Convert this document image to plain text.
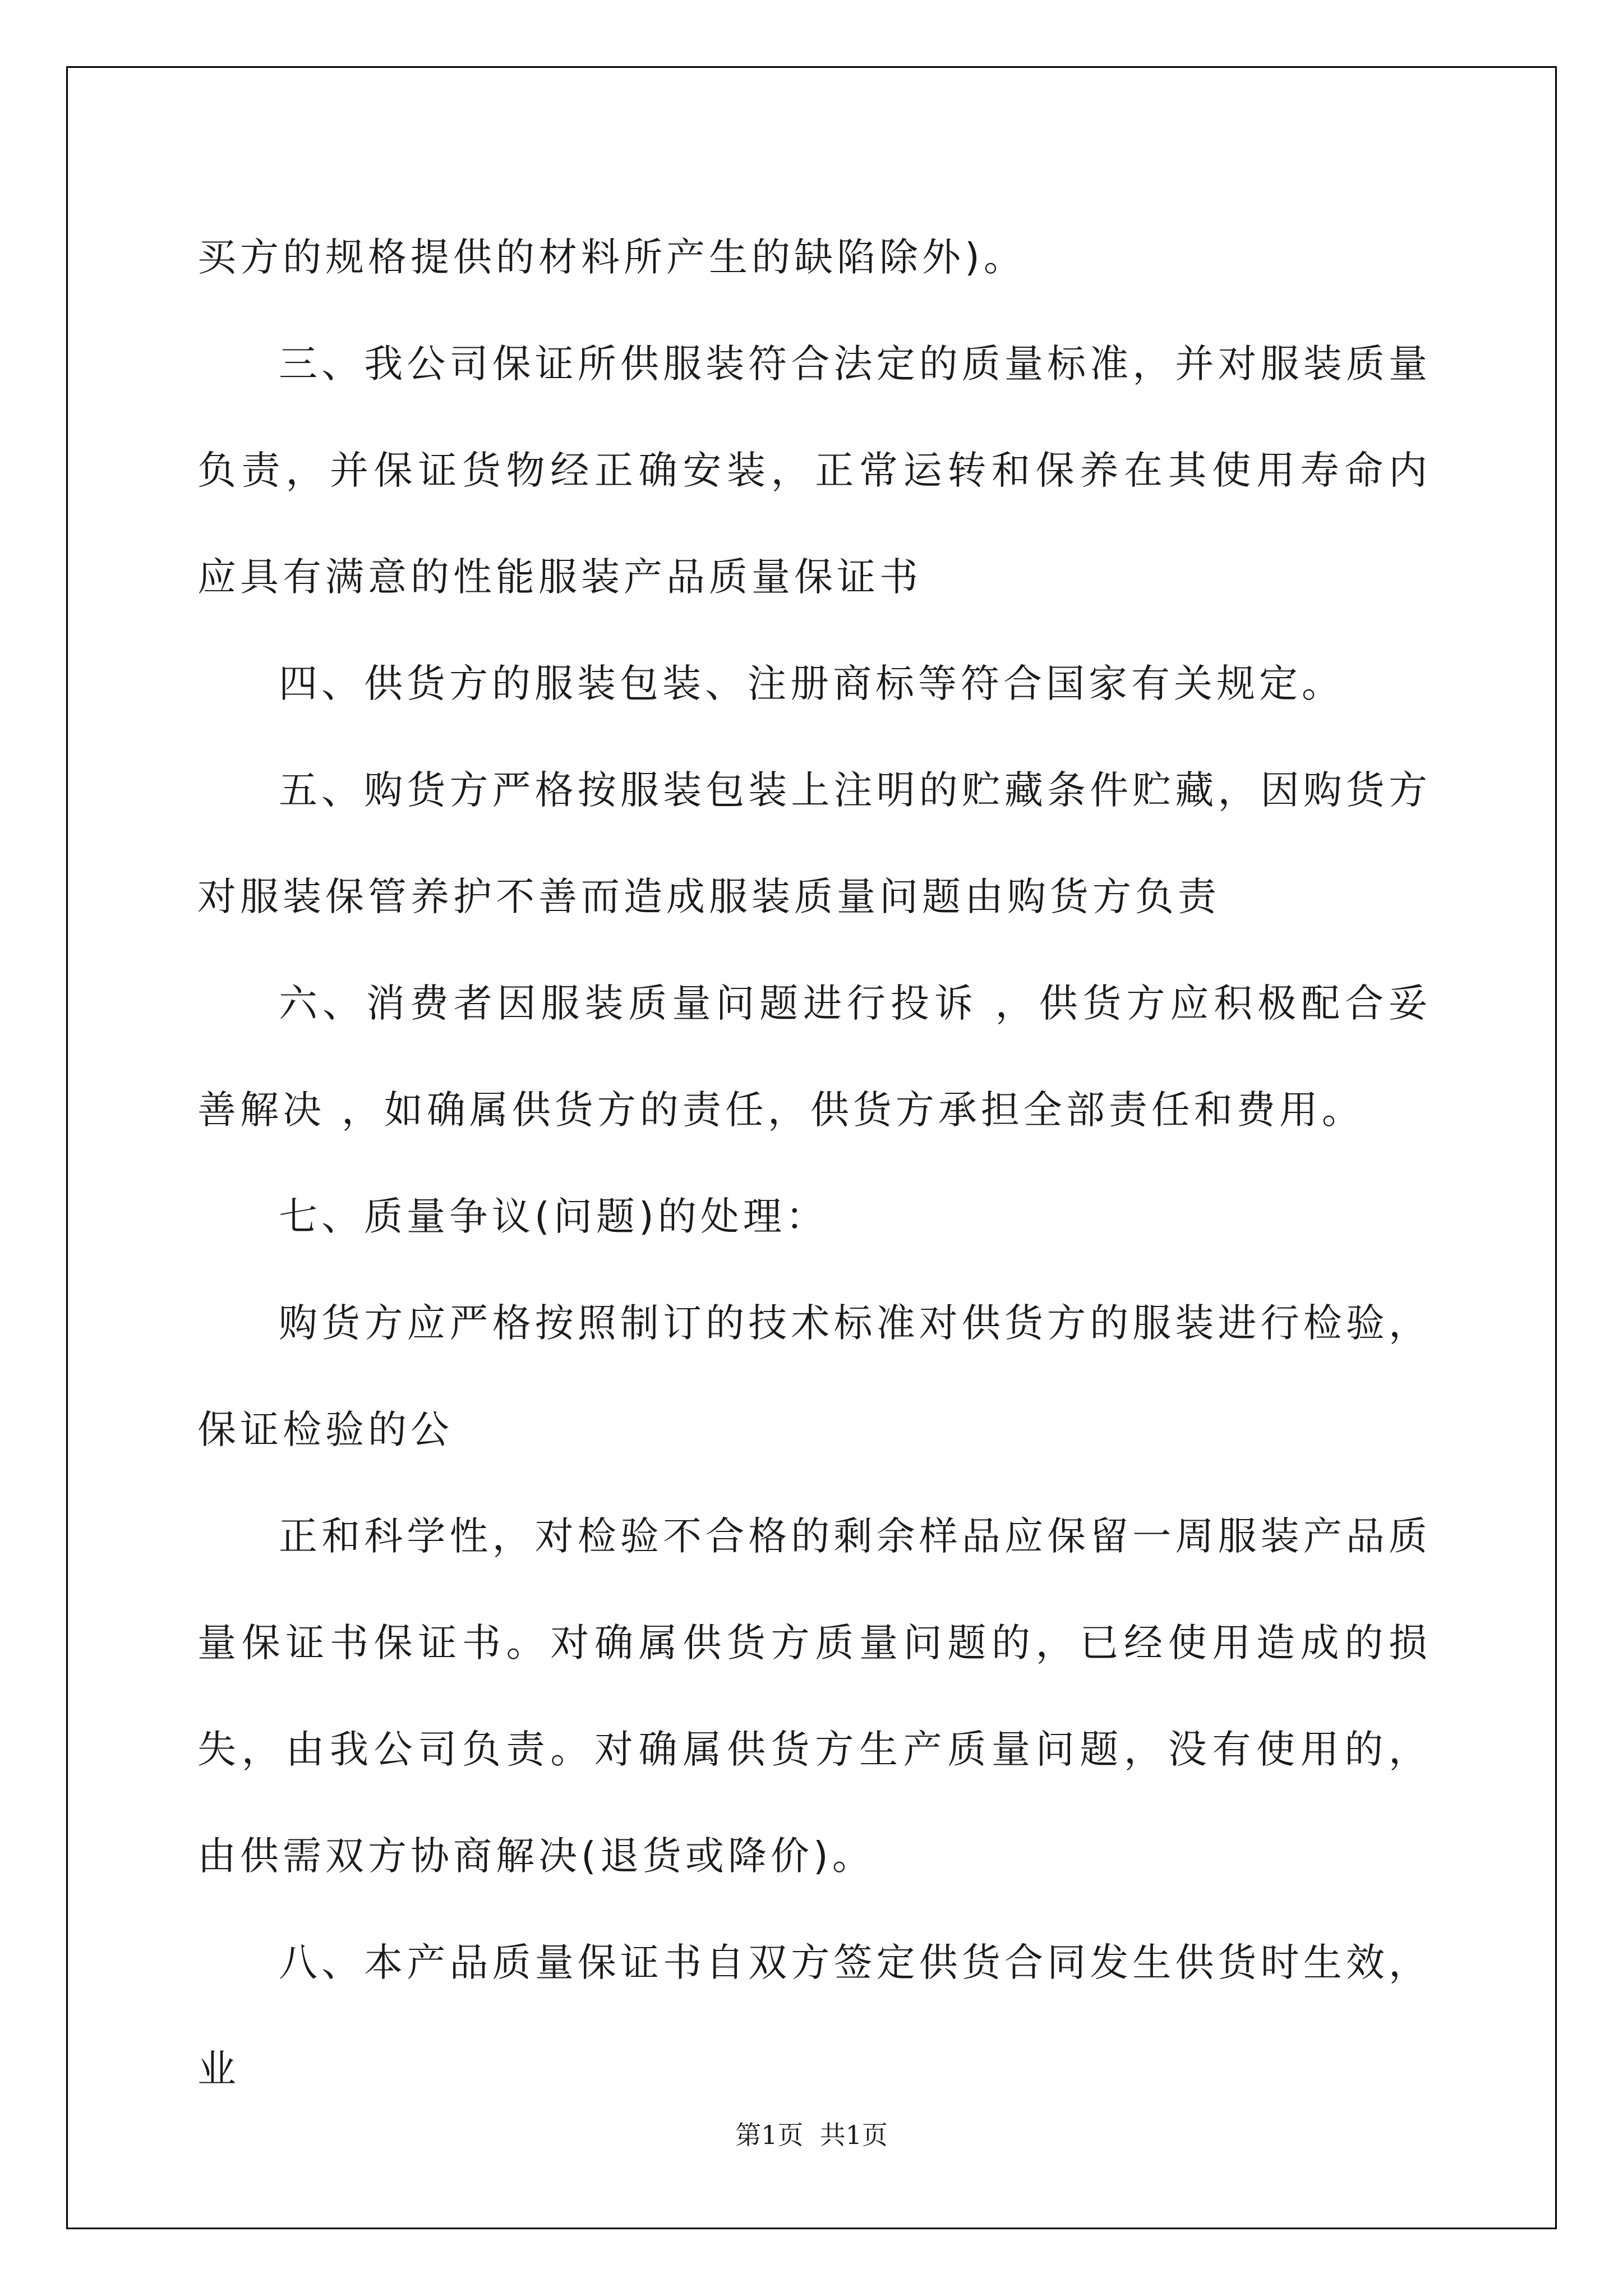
买方的规格提供的材料所产生的缺陷除外)。

三、我公司保证所供服装符合法定的质量标准，并对服装质量负责，并保证货物经正确安装，正常运转和保养在其使用寿命内应具有满意的性能服装产品质量保证书

四、供货方的服装包装、注册商标等符合国家有关规定。

五、购货方严格按服装包装上注明的贮藏条件贮藏，因购货方对服装保管养护不善而造成服装质量问题由购货方负责

六、消费者因服装质量问题进行投诉 ，供货方应积极配合妥善解决 ，如确属供货方的责任，供货方承担全部责任和费用。

七、质量争议(问题)的处理：

购货方应严格按照制订的技术标准对供货方的服装进行检验，保证检验的公

正和科学性，对检验不合格的剩余样品应保留一周服装产品质量保证书保证书。对确属供货方质量问题的，已经使用造成的损失，由我公司负责。对确属供货方生产质量问题，没有使用的，由供需双方协商解决(退货或降价)。

八、本产品质量保证书自双方签定供货合同发生供货时生效，业

第1页  共1页
